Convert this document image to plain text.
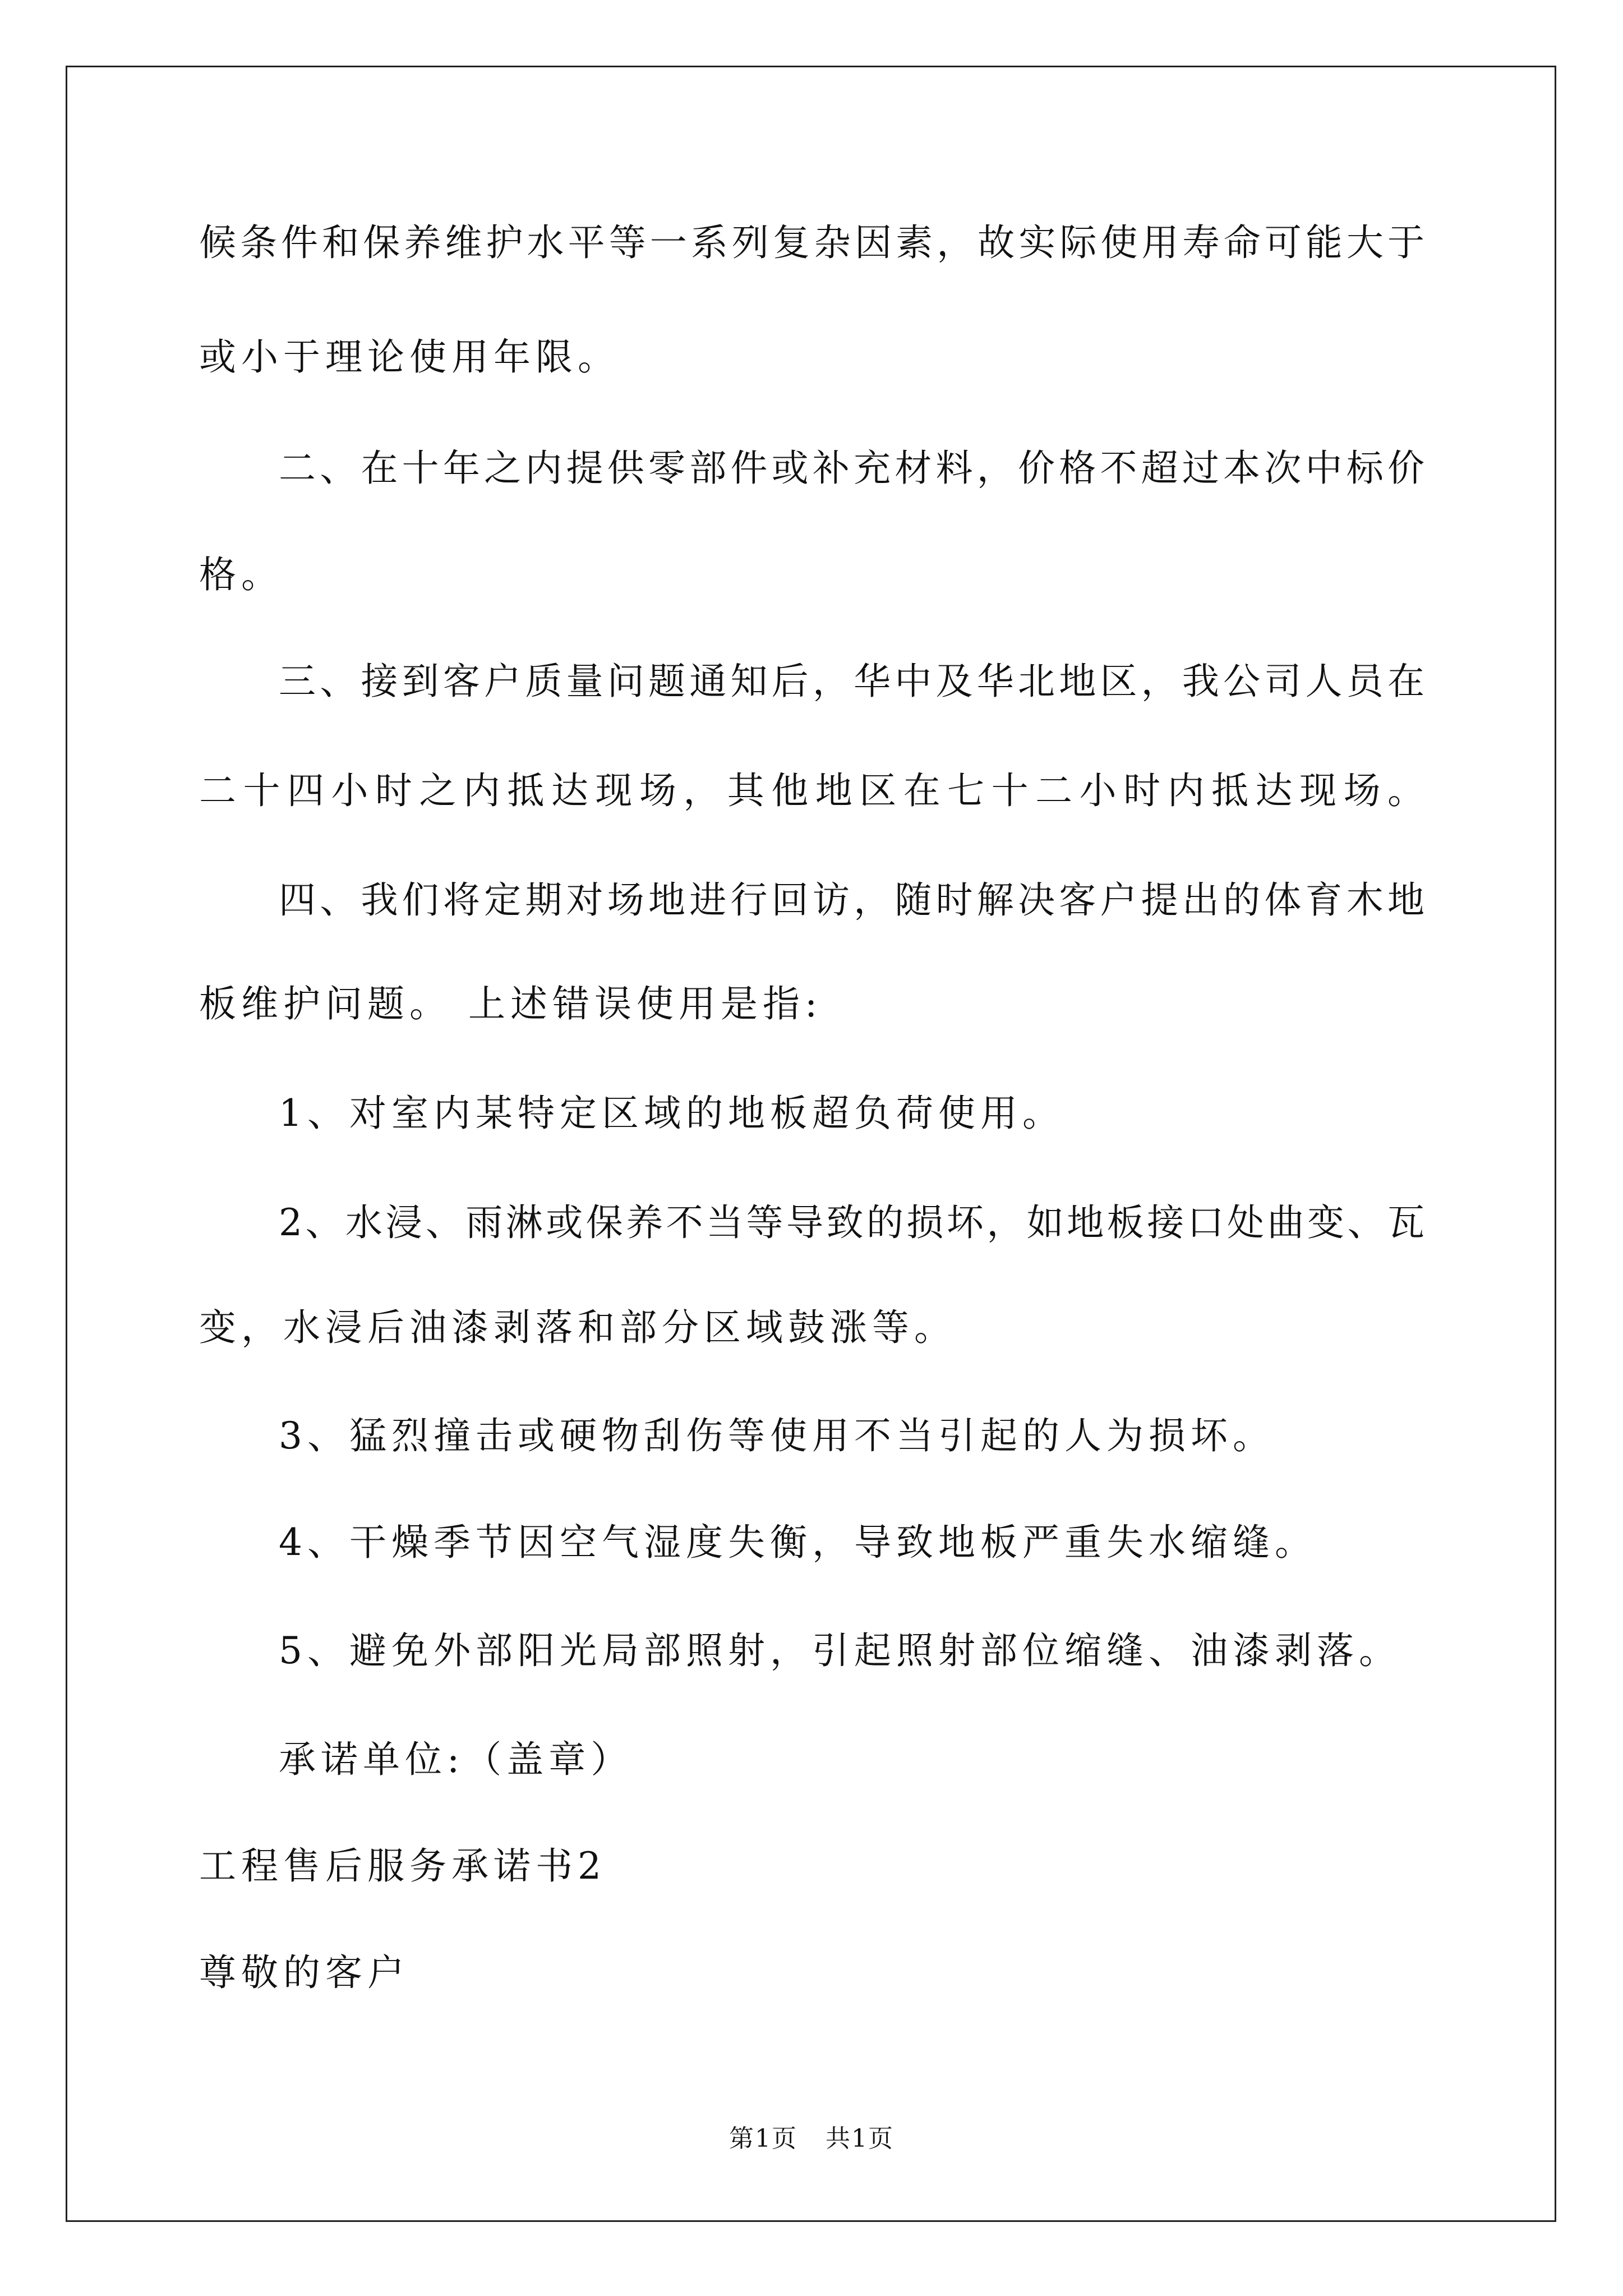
候条件和保养维护水平等一系列复杂因素，故实际使用寿命可能大于
或小于理论使用年限。
二、在十年之内提供零部件或补充材料，价格不超过本次中标价
格。
三、接到客户质量问题通知后，华中及华北地区，我公司人员在
二十四小时之内抵达现场，其他地区在七十二小时内抵达现场。
四、我们将定期对场地进行回访，随时解决客户提出的体育木地
板维护问题。 上述错误使用是指:
1、对室内某特定区域的地板超负荷使用。
2、水浸、雨淋或保养不当等导致的损坏，如地板接口处曲变、瓦
变，水浸后油漆剥落和部分区域鼓涨等。
3、猛烈撞击或硬物刮伤等使用不当引起的人为损坏。
4、干燥季节因空气湿度失衡，导致地板严重失水缩缝。
5、避免外部阳光局部照射，引起照射部位缩缝、油漆剥落。
承诺单位:（盖章）
工程售后服务承诺书2
尊敬的客户
第1页 共1页
